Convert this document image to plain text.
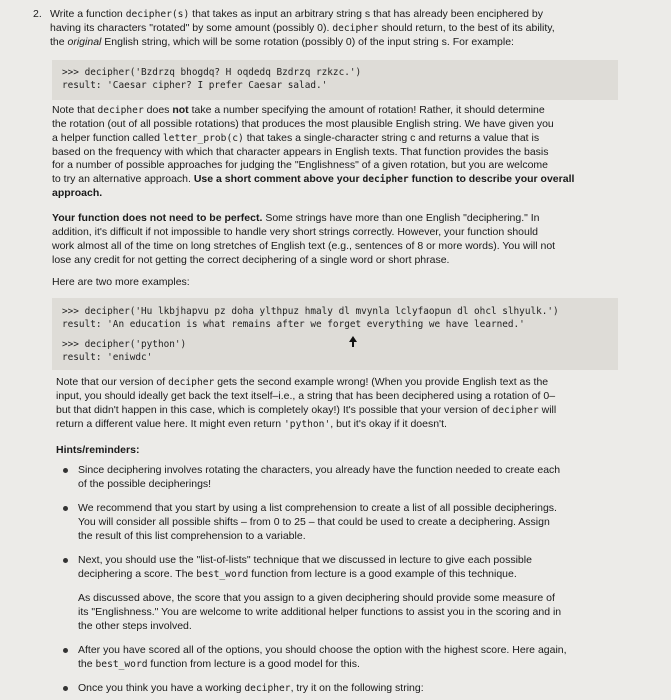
2. Write a function decipher(s) that takes as input an arbitrary string s that has already been enciphered by
having its characters "rotated" by some amount (possibly 0). decipher should return, to the best of its ability,
the original English string, which will be some rotation (possibly 0) of the input string s. For example:
>>> decipher('Bzdrzq bhogdq? H oqdedq Bzdrzq rzkzc.')
result: 'Caesar cipher? I prefer Caesar salad.'
Note that decipher does not take a number specifying the amount of rotation! Rather, it should determine
the rotation (out of all possible rotations) that produces the most plausible English string. We have given you
a helper function called letter_prob(c) that takes a single-character string c and returns a value that is
based on the frequency with which that character appears in English texts. That function provides the basis
for a number of possible approaches for judging the "Englishness" of a given rotation, but you are welcome
to try an alternative approach. Use a short comment above your decipher function to describe your overall
approach.
Your function does not need to be perfect. Some strings have more than one English "deciphering." In
addition, it's difficult if not impossible to handle very short strings correctly. However, your function should
work almost all of the time on long stretches of English text (e.g., sentences of 8 or more words). You will not
lose any credit for not getting the correct deciphering of a single word or short phrase.
Here are two more examples:
>>> decipher('Hu lkbjhapvu pz doha ylthpuz hmaly dl mvynla lclyfaopun dl ohcl slhyulk.')
result: 'An education is what remains after we forget everything we have learned.'
>>> decipher('python')
result: 'eniwdc'
Note that our version of decipher gets the second example wrong! (When you provide English text as the
input, you should ideally get back the text itself–i.e., a string that has been deciphered using a rotation of 0–
but that didn't happen in this case, which is completely okay!) It's possible that your version of decipher will
return a different value here. It might even return 'python', but it's okay if it doesn't.
Hints/reminders:
Since deciphering involves rotating the characters, you already have the function needed to create each
of the possible decipherings!
We recommend that you start by using a list comprehension to create a list of all possible decipherings.
You will consider all possible shifts – from 0 to 25 – that could be used to create a deciphering. Assign
the result of this list comprehension to a variable.
Next, you should use the "list-of-lists" technique that we discussed in lecture to give each possible
deciphering a score. The best_word function from lecture is a good example of this technique.
As discussed above, the score that you assign to a given deciphering should provide some measure of
its "Englishness." You are welcome to write additional helper functions to assist you in the scoring and in
the other steps involved.
After you have scored all of the options, you should choose the option with the highest score. Here again,
the best_word function from lecture is a good model for this.
Once you think you have a working decipher, try it on the following string:
